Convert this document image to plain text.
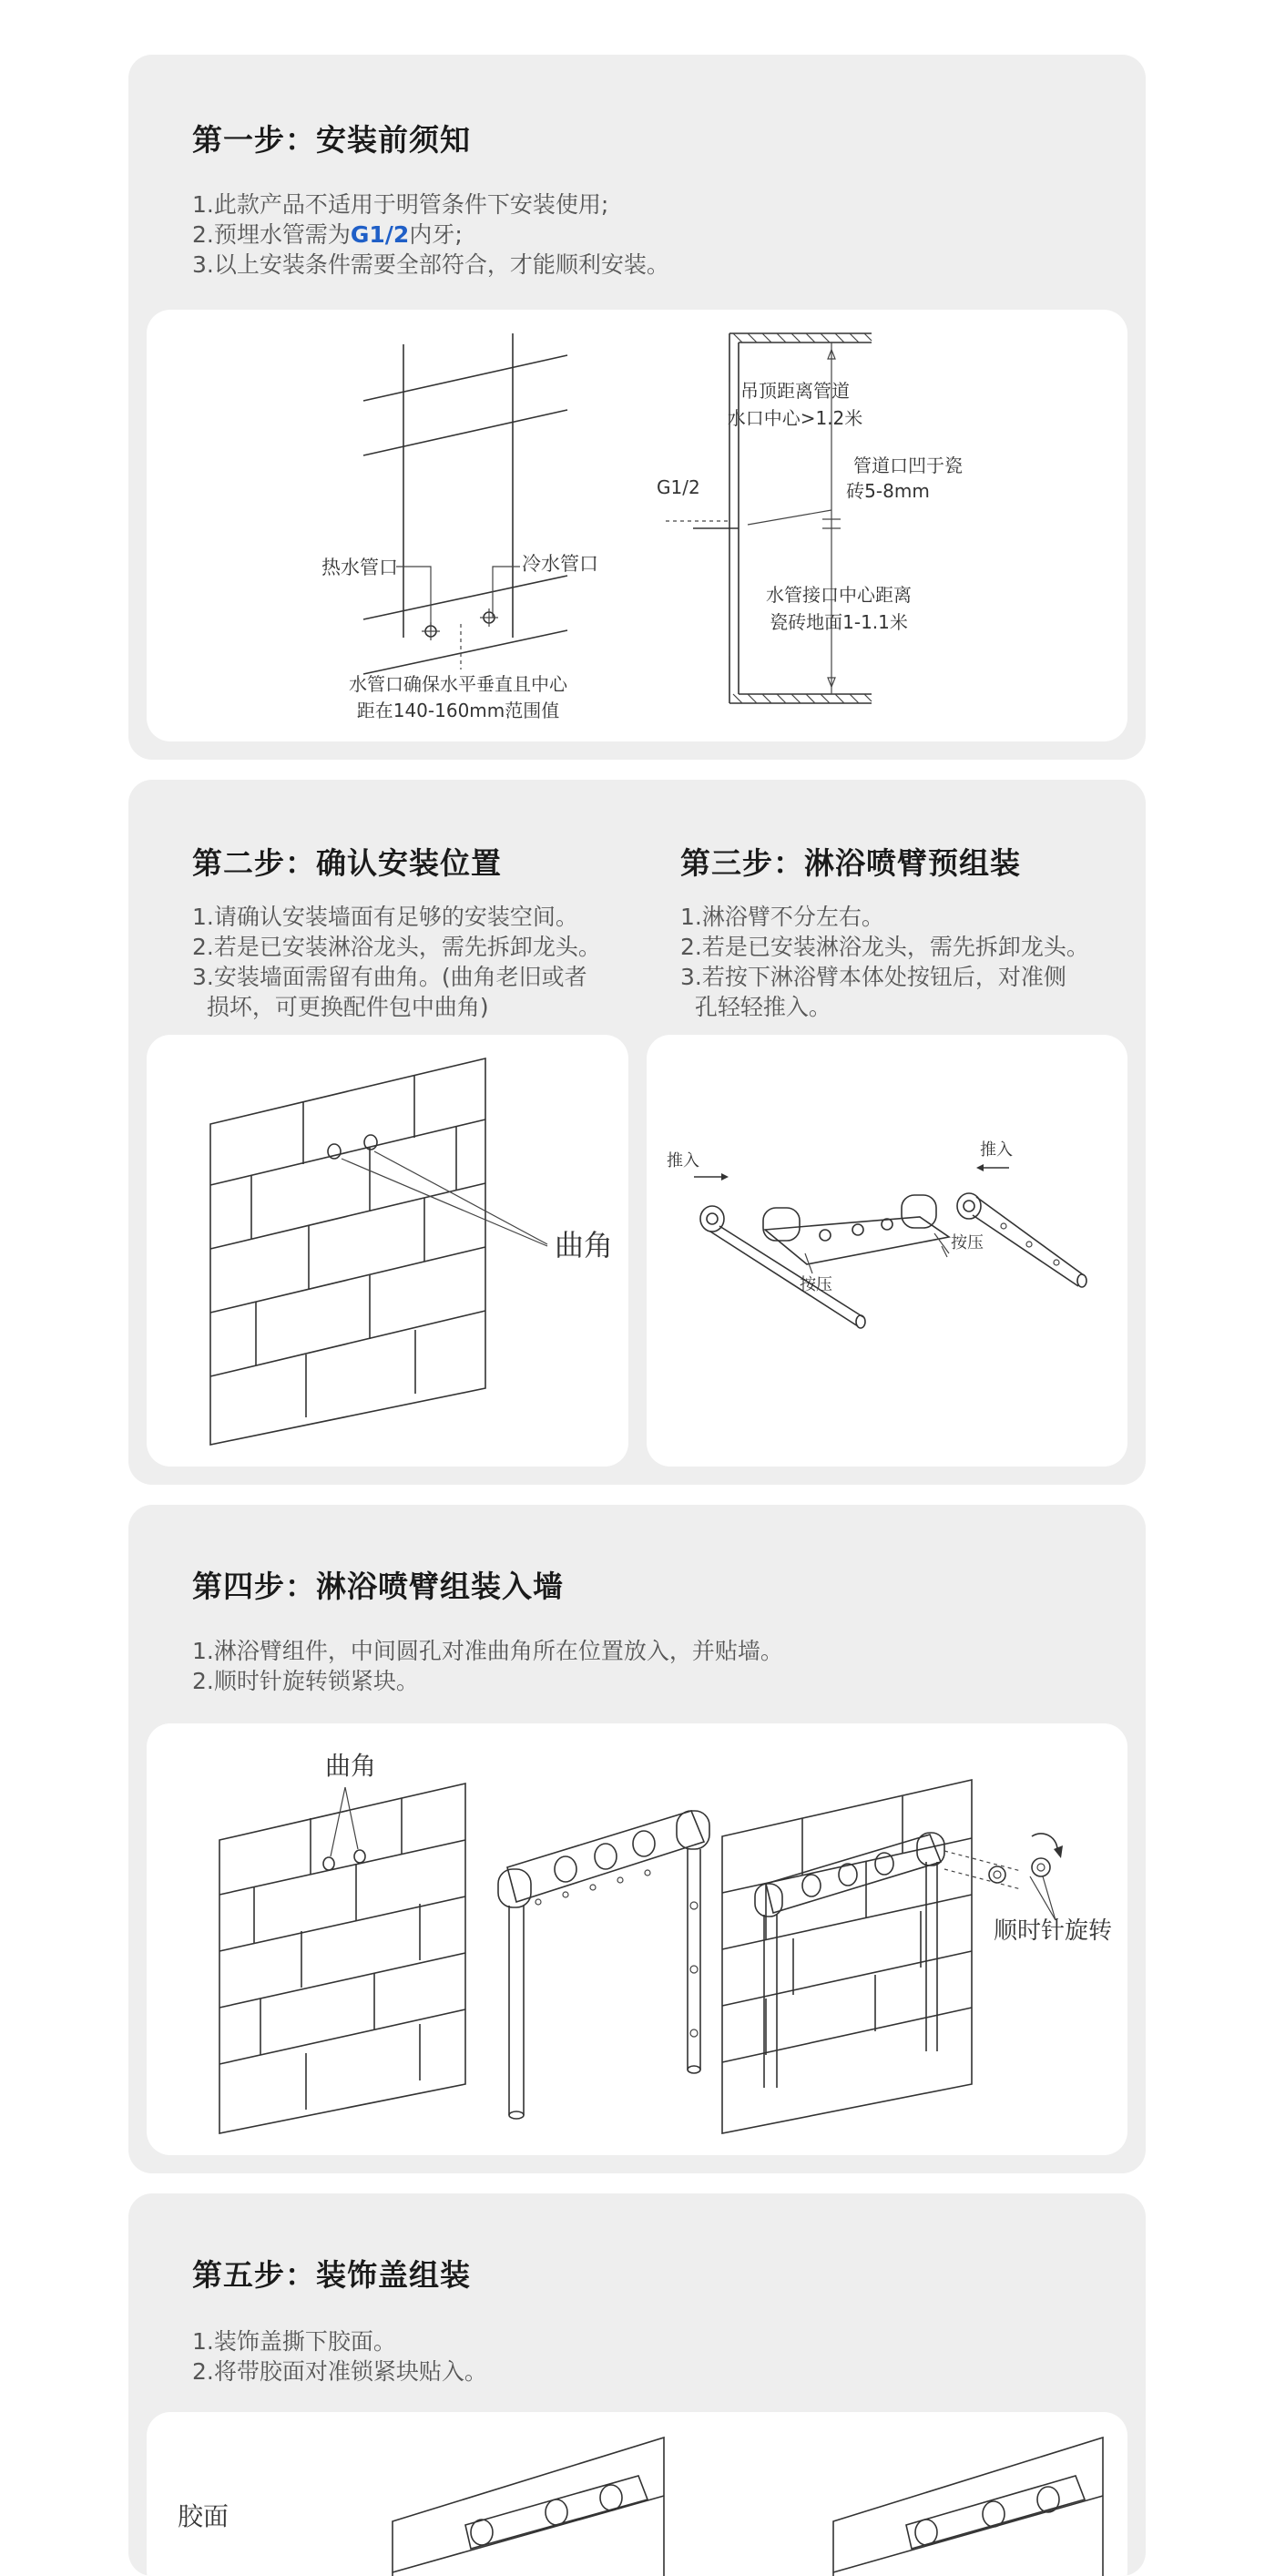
第一步：安装前须知
1.此款产品不适用于明管条件下安装使用;
2.预埋水管需为G1/2内牙;
3.以上安装条件需要全部符合，才能顺利安装。
热水管口	冷水管口
水管口确保水平垂直且中心
距在140-160mm范围值
吊顶距离管道
水口中心>1.2米
管道口凹于瓷
砖5-8mm
G1/2
水管接口中心距离
瓷砖地面1-1.1米
第二步：确认安装位置
1.请确认安装墙面有足够的安装空间。
2.若是已安装淋浴龙头，需先拆卸龙头。
3.安装墙面需留有曲角。(曲角老旧或者
损坏，可更换配件包中曲角)
第三步：淋浴喷臂预组装
1.淋浴臂不分左右。
2.若是已安装淋浴龙头，需先拆卸龙头。
3.若按下淋浴臂本体处按钮后，对准侧
孔轻轻推入。
曲角
推入
推入
按压
按压
第四步：淋浴喷臂组装入墙
1.淋浴臂组件，中间圆孔对准曲角所在位置放入，并贴墙。
2.顺时针旋转锁紧块。
曲角
顺时针旋转
第五步：装饰盖组装
1.装饰盖撕下胶面。
2.将带胶面对准锁紧块贴入。
胶面
